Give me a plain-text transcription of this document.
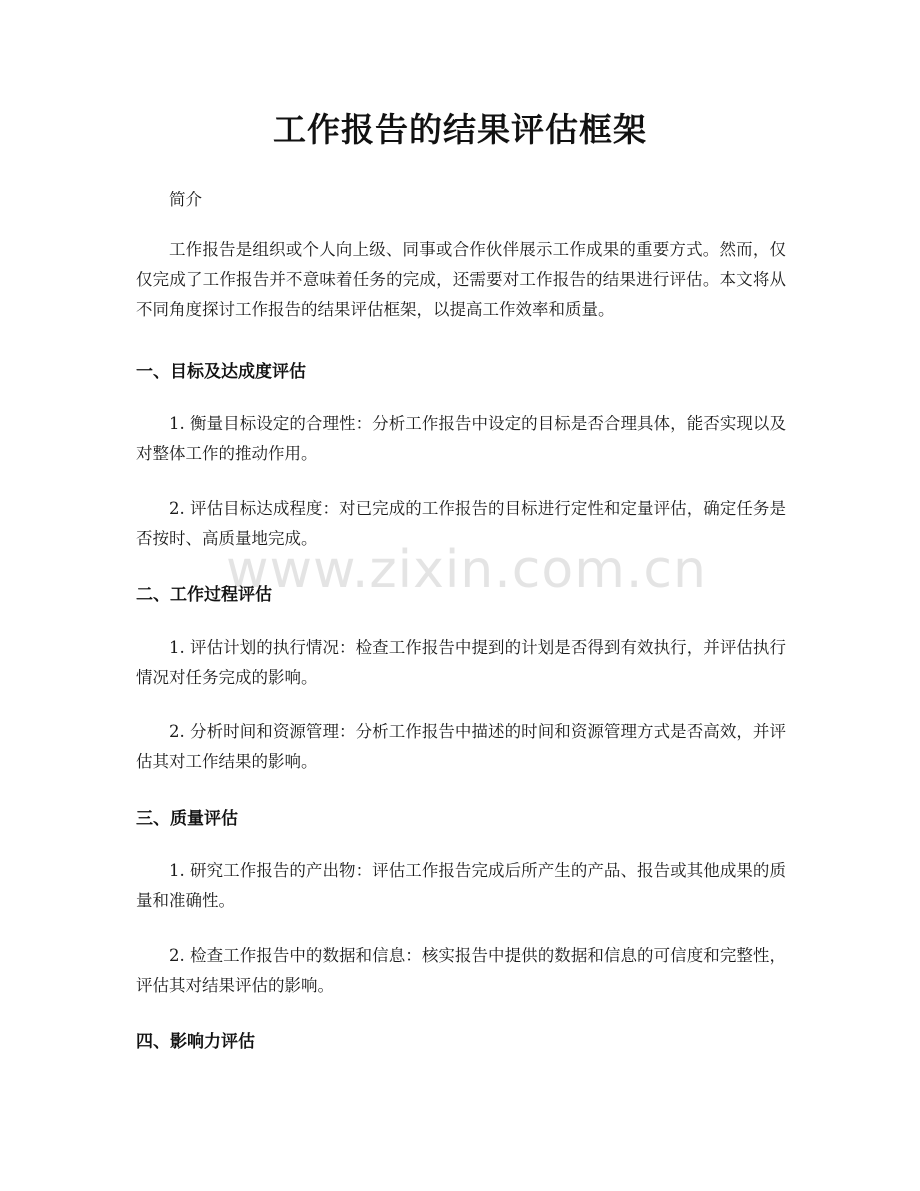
工作报告的结果评估框架
简介
工作报告是组织或个人向上级、同事或合作伙伴展示工作成果的重要方式。然而，仅仅完成了工作报告并不意味着任务的完成，还需要对工作报告的结果进行评估。本文将从不同角度探讨工作报告的结果评估框架，以提高工作效率和质量。
一、目标及达成度评估
1. 衡量目标设定的合理性：分析工作报告中设定的目标是否合理具体，能否实现以及对整体工作的推动作用。
2. 评估目标达成程度：对已完成的工作报告的目标进行定性和定量评估，确定任务是否按时、高质量地完成。
二、工作过程评估
1. 评估计划的执行情况：检查工作报告中提到的计划是否得到有效执行，并评估执行情况对任务完成的影响。
2. 分析时间和资源管理：分析工作报告中描述的时间和资源管理方式是否高效，并评估其对工作结果的影响。
三、质量评估
1. 研究工作报告的产出物：评估工作报告完成后所产生的产品、报告或其他成果的质量和准确性。
2. 检查工作报告中的数据和信息：核实报告中提供的数据和信息的可信度和完整性，评估其对结果评估的影响。
四、影响力评估
www.zixin.com.cn
